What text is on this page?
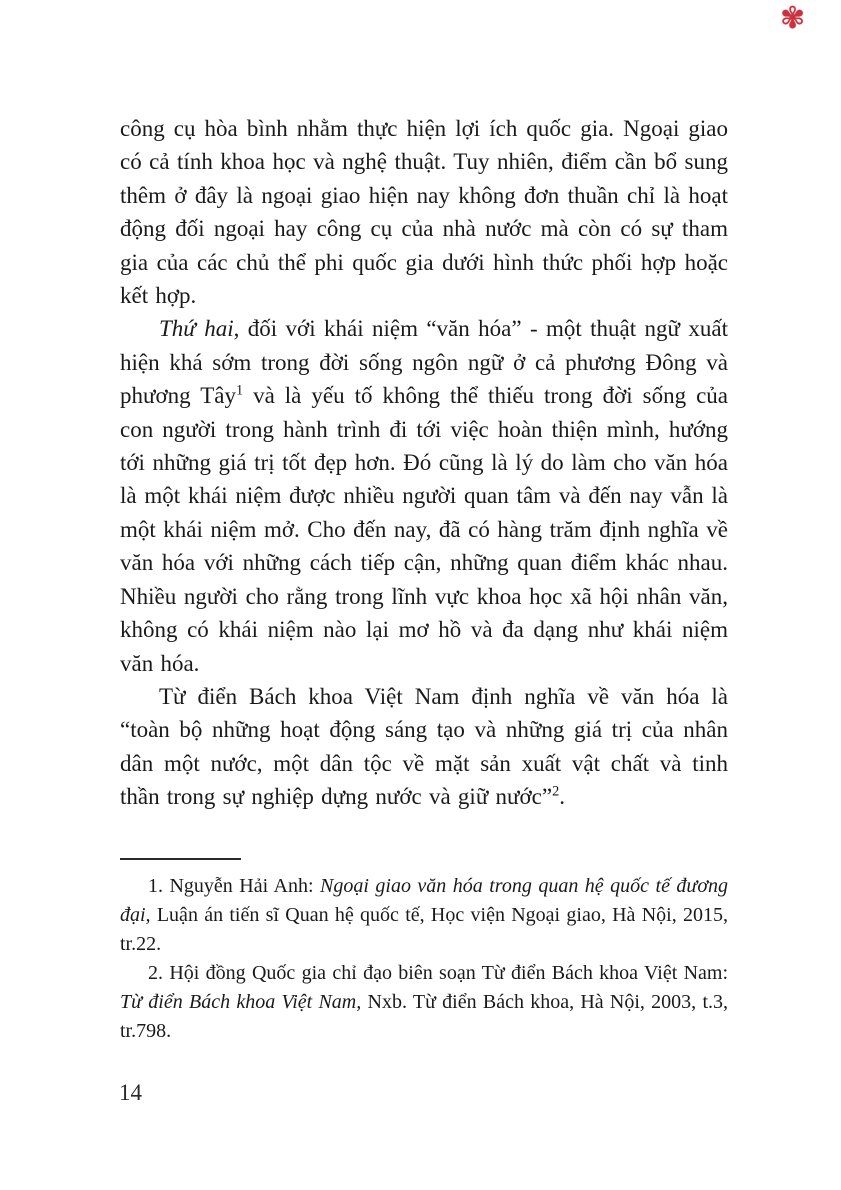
✾

công cụ hòa bình nhằm thực hiện lợi ích quốc gia. Ngoại giao có cả tính khoa học và nghệ thuật. Tuy nhiên, điểm cần bổ sung thêm ở đây là ngoại giao hiện nay không đơn thuần chỉ là hoạt động đối ngoại hay công cụ của nhà nước mà còn có sự tham gia của các chủ thể phi quốc gia dưới hình thức phối hợp hoặc kết hợp.

Thứ hai, đối với khái niệm “văn hóa” - một thuật ngữ xuất hiện khá sớm trong đời sống ngôn ngữ ở cả phương Đông và phương Tây$^1$ và là yếu tố không thể thiếu trong đời sống của con người trong hành trình đi tới việc hoàn thiện mình, hướng tới những giá trị tốt đẹp hơn. Đó cũng là lý do làm cho văn hóa là một khái niệm được nhiều người quan tâm và đến nay vẫn là một khái niệm mở. Cho đến nay, đã có hàng trăm định nghĩa về văn hóa với những cách tiếp cận, những quan điểm khác nhau. Nhiều người cho rằng trong lĩnh vực khoa học xã hội nhân văn, không có khái niệm nào lại mơ hồ và đa dạng như khái niệm văn hóa.

Từ điển Bách khoa Việt Nam định nghĩa về văn hóa là “toàn bộ những hoạt động sáng tạo và những giá trị của nhân dân một nước, một dân tộc về mặt sản xuất vật chất và tinh thần trong sự nghiệp dựng nước và giữ nước”$^2$.

1. Nguyễn Hải Anh: Ngoại giao văn hóa trong quan hệ quốc tế đương đại, Luận án tiến sĩ Quan hệ quốc tế, Học viện Ngoại giao, Hà Nội, 2015, tr.22.

2. Hội đồng Quốc gia chỉ đạo biên soạn Từ điển Bách khoa Việt Nam: Từ điển Bách khoa Việt Nam, Nxb. Từ điển Bách khoa, Hà Nội, 2003, t.3, tr.798.

14
